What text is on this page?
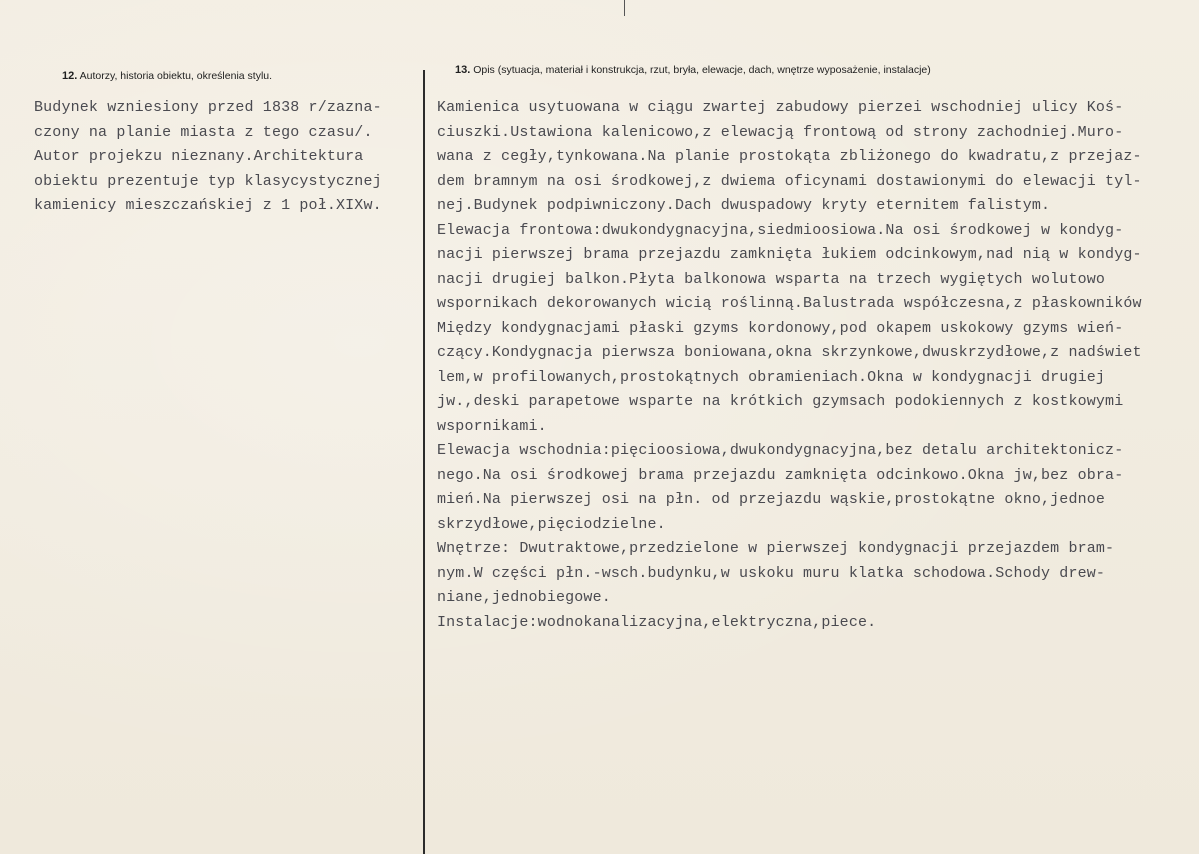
12. Autorzy, historia obiektu, określenia stylu.	13. Opis (sytuacja, materiał i konstrukcja, rzut, bryła, elewacje, dach, wnętrze wyposażenie, instalacje)
Budynek wzniesiony przed 1838 r/zazna-
czony na planie miasta z tego czasu/.
Autor projekzu nieznany.Architektura
obiektu prezentuje typ klasycystycznej
kamienicy mieszczańskiej z 1 poł.XIXw.
Kamienica usytuowana w ciągu zwartej zabudowy pierzei wschodniej ulicy Koś-
ciuszki.Ustawiona kalenicowo,z elewacją frontową od strony zachodniej.Muro-
wana z cegły,tynkowana.Na planie prostokąta zbliżonego do kwadratu,z przejaz-
dem bramnym na osi środkowej,z dwiema oficynami dostawionymi do elewacji tyl-
nej.Budynek podpiwniczony.Dach dwuspadowy kryty eternitem falistym.
Elewacja frontowa:dwukondygnacyjna,siedmioosiowa.Na osi środkowej w kondyg-
nacji pierwszej brama przejazdu zamknięta łukiem odcinkowym,nad nią w kondyg-
nacji drugiej balkon.Płyta balkonowa wsparta na trzech wygiętych wolutowo
wspornikach dekorowanych wicią roślinną.Balustrada współczesna,z płaskowników
Między kondygnacjami płaski gzyms kordonowy,pod okapem uskokowy gzyms wień-
czący.Kondygnacja pierwsza boniowana,okna skrzynkowe,dwuskrzydłowe,z nadświet
lem,w profilowanych,prostokątnych obramieniach.Okna w kondygnacji drugiej
jw.,deski parapetowe wsparte na krótkich gzymsach podokiennych z kostkowymi
wspornikami.
Elewacja wschodnia:pięcioosiowa,dwukondygnacyjna,bez detalu architektonicz-
nego.Na osi środkowej brama przejazdu zamknięta odcinkowo.Okna jw,bez obra-
mień.Na pierwszej osi na płn. od przejazdu wąskie,prostokątne okno,jednoe
skrzydłowe,pięciodzielne.
Wnętrze: Dwutraktowe,przedzielone w pierwszej kondygnacji przejazdem bram-
nym.W części płn.-wsch.budynku,w uskoku muru klatka schodowa.Schody drew-
niane,jednobiegowe.
Instalacje:wodnokanalizacyjna,elektryczna,piece.
